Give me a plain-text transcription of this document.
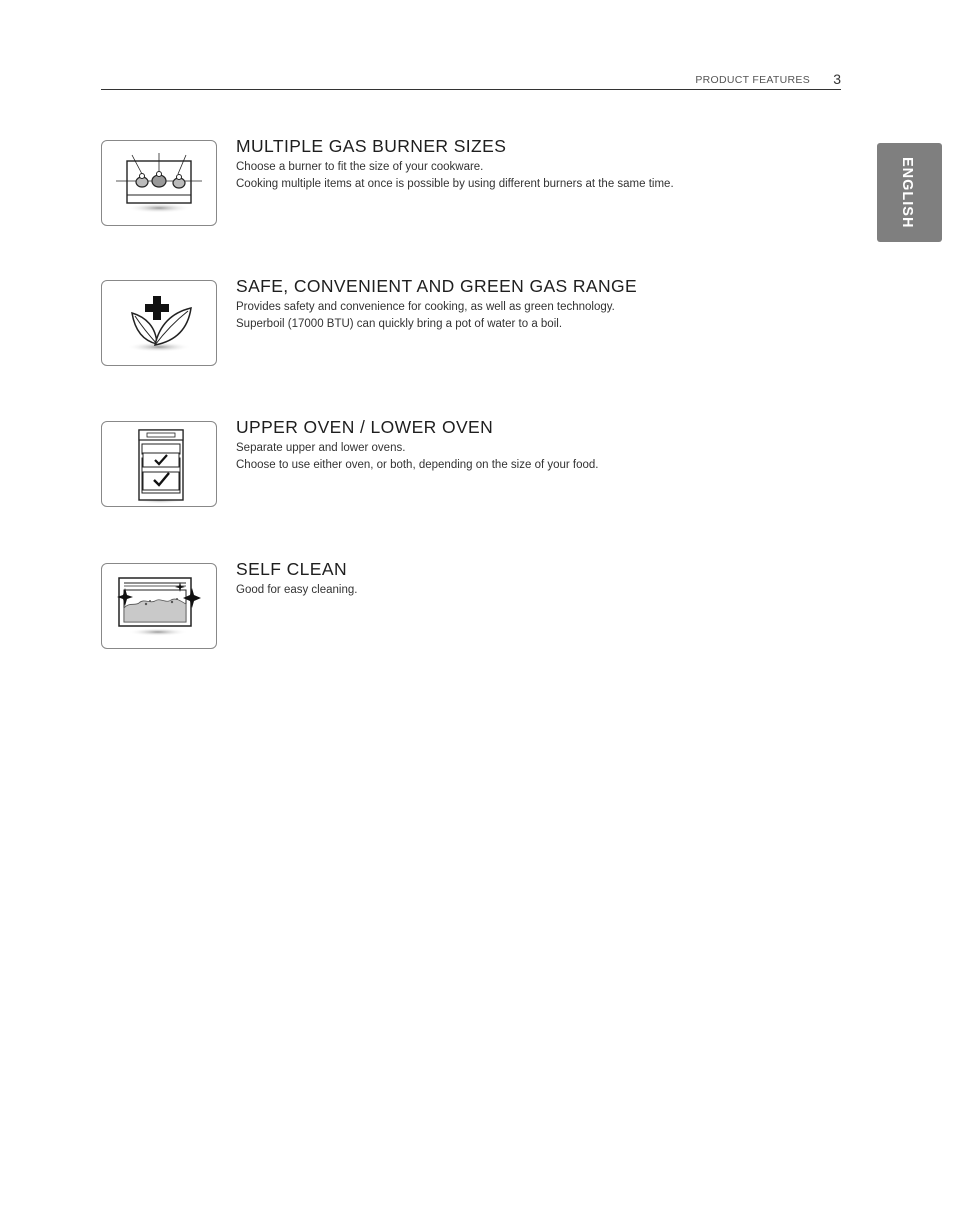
PRODUCT FEATURES 3
ENGLISH
MULTIPLE GAS BURNER SIZES
Choose a burner to fit the size of your cookware.
Cooking multiple items at once is possible by using different burners at the same time.
SAFE, CONVENIENT AND GREEN GAS RANGE
Provides safety and convenience for cooking, as well as green technology.
Superboil (17000 BTU) can quickly bring a pot of water to a boil.
UPPER OVEN / LOWER OVEN
Separate upper and lower ovens.
Choose to use either oven, or both, depending on the size of your food.
SELF CLEAN
Good for easy cleaning.
